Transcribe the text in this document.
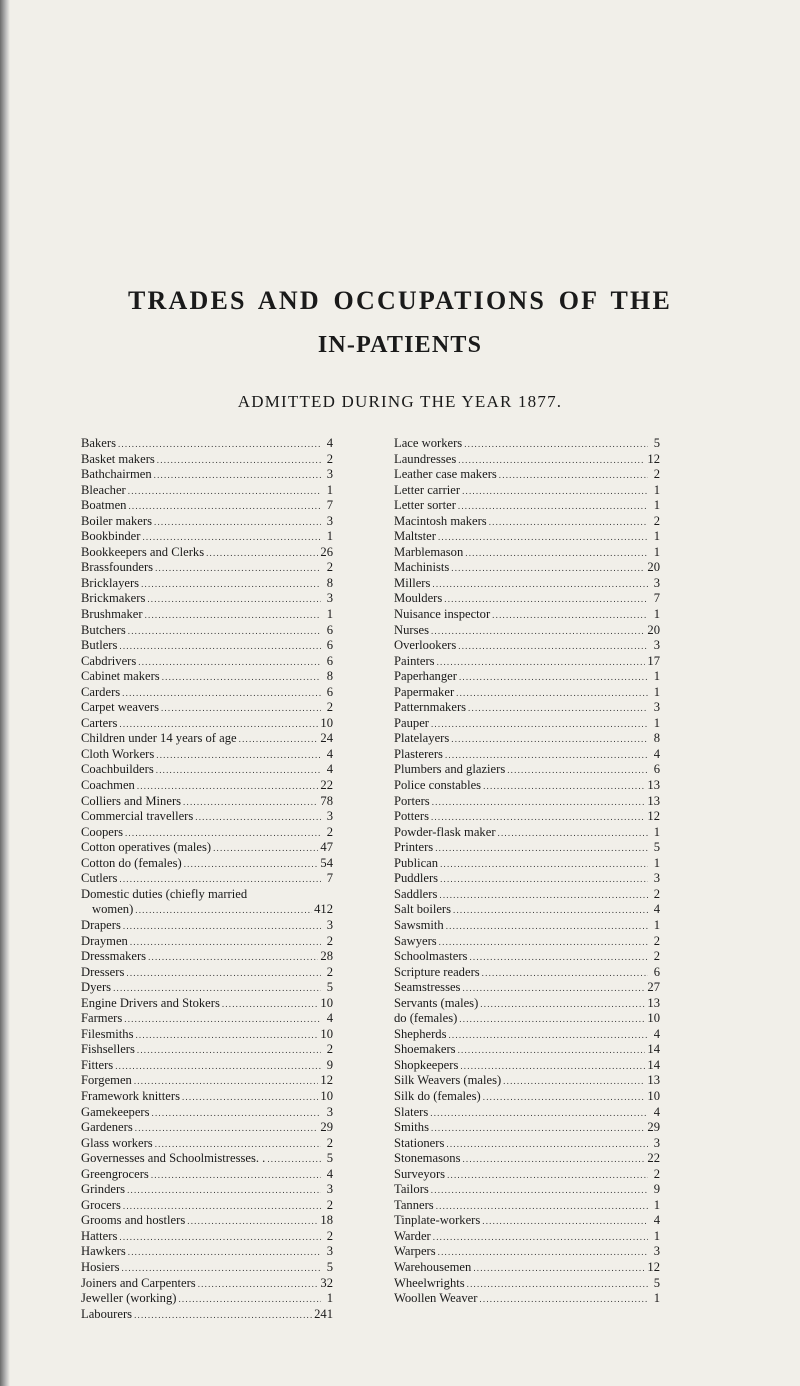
TRADES AND OCCUPATIONS OF THE
IN-PATIENTS
ADMITTED DURING THE YEAR 1877.
Bakers .....	4
Basket makers .....	2
Bathchairmen .....	3
Bleacher .....	1
Boatmen .....	7
Boiler makers .....	3
Bookbinder .....	1
Bookkeepers and Clerks .....	26
Brassfounders .....	2
Bricklayers .....	8
Brickmakers .....	3
Brushmaker .....	1
Butchers .....	6
Butlers .....	6
Cabdrivers .....	6
Cabinet makers .....	8
Carders .....	6
Carpet weavers .....	2
Carters .....	10
Children under 14 years of age .....	24
Cloth Workers .....	4
Coachbuilders .....	4
Coachmen .....	22
Colliers and Miners .....	78
Commercial travellers .....	3
Coopers .....	2
Cotton operatives (males) .....	47
Cotton do (females) .....	54
Cutlers .....	7
Domestic duties (chiefly married
women) .....	412
Drapers .....	3
Draymen .....	2
Dressmakers .....	28
Dressers .....	2
Dyers .....	5
Engine Drivers and Stokers .....	10
Farmers .....	4
Filesmiths .....	10
Fishsellers .....	2
Fitters .....	9
Forgemen .....	12
Framework knitters .....	10
Gamekeepers .....	3
Gardeners .....	29
Glass workers .....	2
Governesses and Schoolmistresses. . .....	5
Greengrocers .....	4
Grinders .....	3
Grocers .....	2
Grooms and hostlers .....	18
Hatters .....	2
Hawkers .....	3
Hosiers .....	5
Joiners and Carpenters .....	32
Jeweller (working) .....	1
Labourers .....	241
Lace workers .....	5
Laundresses .....	12
Leather case makers .....	2
Letter carrier .....	1
Letter sorter .....	1
Macintosh makers .....	2
Maltster .....	1
Marblemason .....	1
Machinists .....	20
Millers .....	3
Moulders .....	7
Nuisance inspector .....	1
Nurses .....	20
Overlookers .....	3
Painters .....	17
Paperhanger .....	1
Papermaker .....	1
Patternmakers .....	3
Pauper .....	1
Platelayers .....	8
Plasterers .....	4
Plumbers and glaziers .....	6
Police constables .....	13
Porters .....	13
Potters .....	12
Powder-flask maker .....	1
Printers .....	5
Publican .....	1
Puddlers .....	3
Saddlers .....	2
Salt boilers .....	4
Sawsmith .....	1
Sawyers .....	2
Schoolmasters .....	2
Scripture readers .....	6
Seamstresses .....	27
Servants (males) .....	13
do (females) .....	10
Shepherds .....	4
Shoemakers .....	14
Shopkeepers .....	14
Silk Weavers (males) .....	13
Silk do (females) .....	10
Slaters .....	4
Smiths .....	29
Stationers .....	3
Stonemasons .....	22
Surveyors .....	2
Tailors .....	9
Tanners .....	1
Tinplate-workers .....	4
Warder .....	1
Warpers .....	3
Warehousemen .....	12
Wheelwrights .....	5
Woollen Weaver .....	1
